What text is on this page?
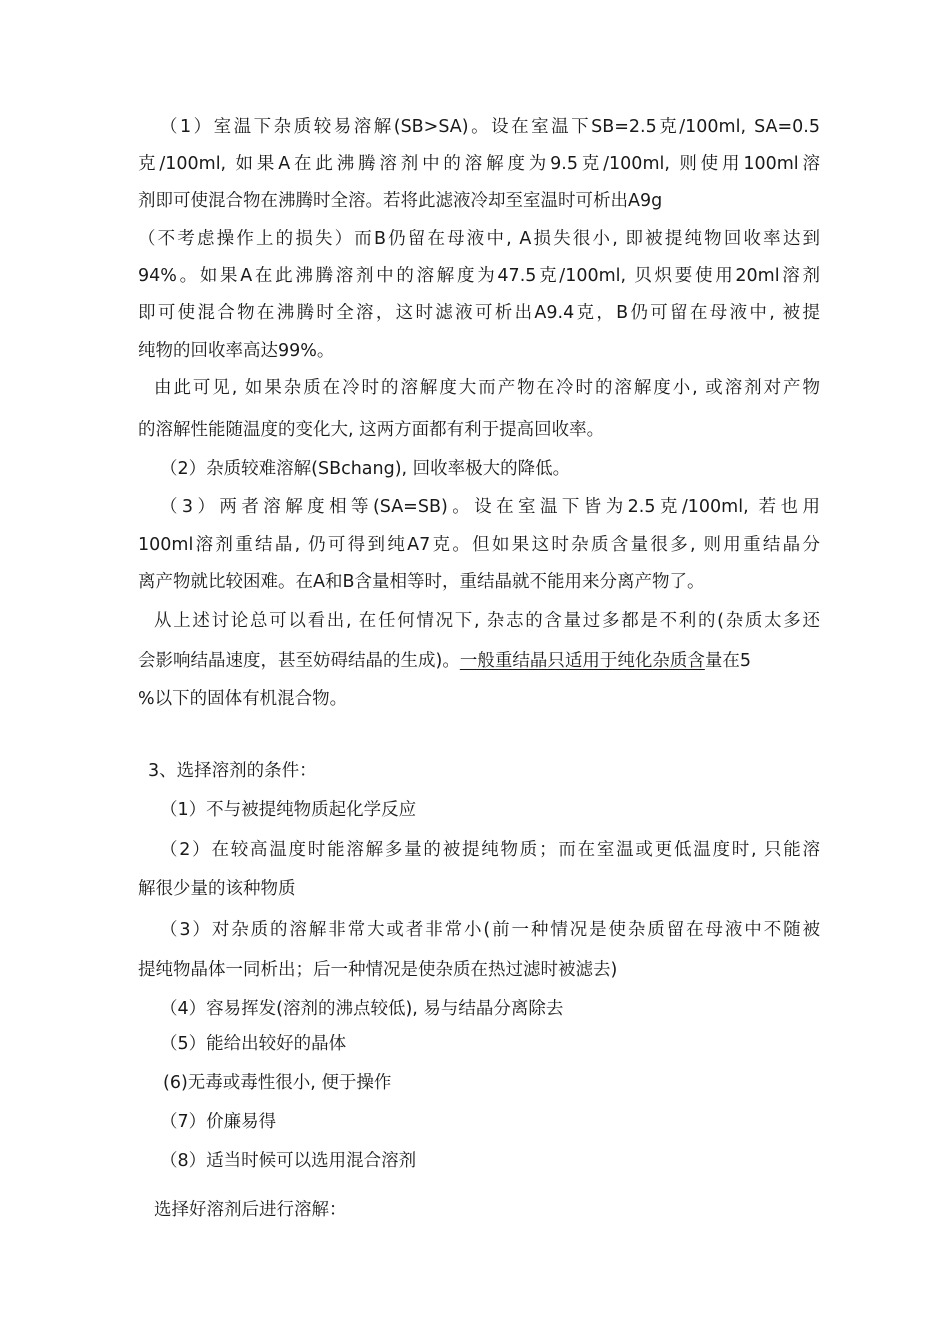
（1）室温下杂质较易溶解(SB>SA)。设在室温下SB=2.5克/100ml, SA=0.5
克/100ml, 如果A在此沸腾溶剂中的溶解度为9.5克/100ml, 则使用100ml溶
剂即可使混合物在沸腾时全溶。若将此滤液冷却至室温时可析出A9g
（不考虑操作上的损失）而B仍留在母液中, A损失很小, 即被提纯物回收率达到
94%。如果A在此沸腾溶剂中的溶解度为47.5克/100ml, 贝炽要使用20ml溶剂
即可使混合物在沸腾时全溶，这时滤液可析出A9.4克，B仍可留在母液中, 被提
纯物的回收率高达99%。
由此可见, 如果杂质在冷时的溶解度大而产物在冷时的溶解度小, 或溶剂对产物
的溶解性能随温度的变化大, 这两方面都有利于提高回收率。
（2）杂质较难溶解(SBchang), 回收率极大的降低。
（3）两者溶解度相等(SA=SB)。设在室温下皆为2.5克/100ml, 若也用
100ml溶剂重结晶, 仍可得到纯A7克。但如果这时杂质含量很多, 则用重结晶分
离产物就比较困难。在A和B含量相等时，重结晶就不能用来分离产物了。
从上述讨论总可以看出, 在任何情况下, 杂志的含量过多都是不利的(杂质太多还
会影响结晶速度，甚至妨碍结晶的生成)。一般重结晶只适用于纯化杂质含量在5
%以下的固体有机混合物。
3、选择溶剂的条件：
（1）不与被提纯物质起化学反应
（2）在较高温度时能溶解多量的被提纯物质；而在室温或更低温度时, 只能溶
解很少量的该种物质
（3）对杂质的溶解非常大或者非常小(前一种情况是使杂质留在母液中不随被
提纯物晶体一同析出；后一种情况是使杂质在热过滤时被滤去)
（4）容易挥发(溶剂的沸点较低), 易与结晶分离除去
（5）能给出较好的晶体
(6)无毒或毒性很小, 便于操作
（7）价廉易得
（8）适当时候可以选用混合溶剂
选择好溶剂后进行溶解：
